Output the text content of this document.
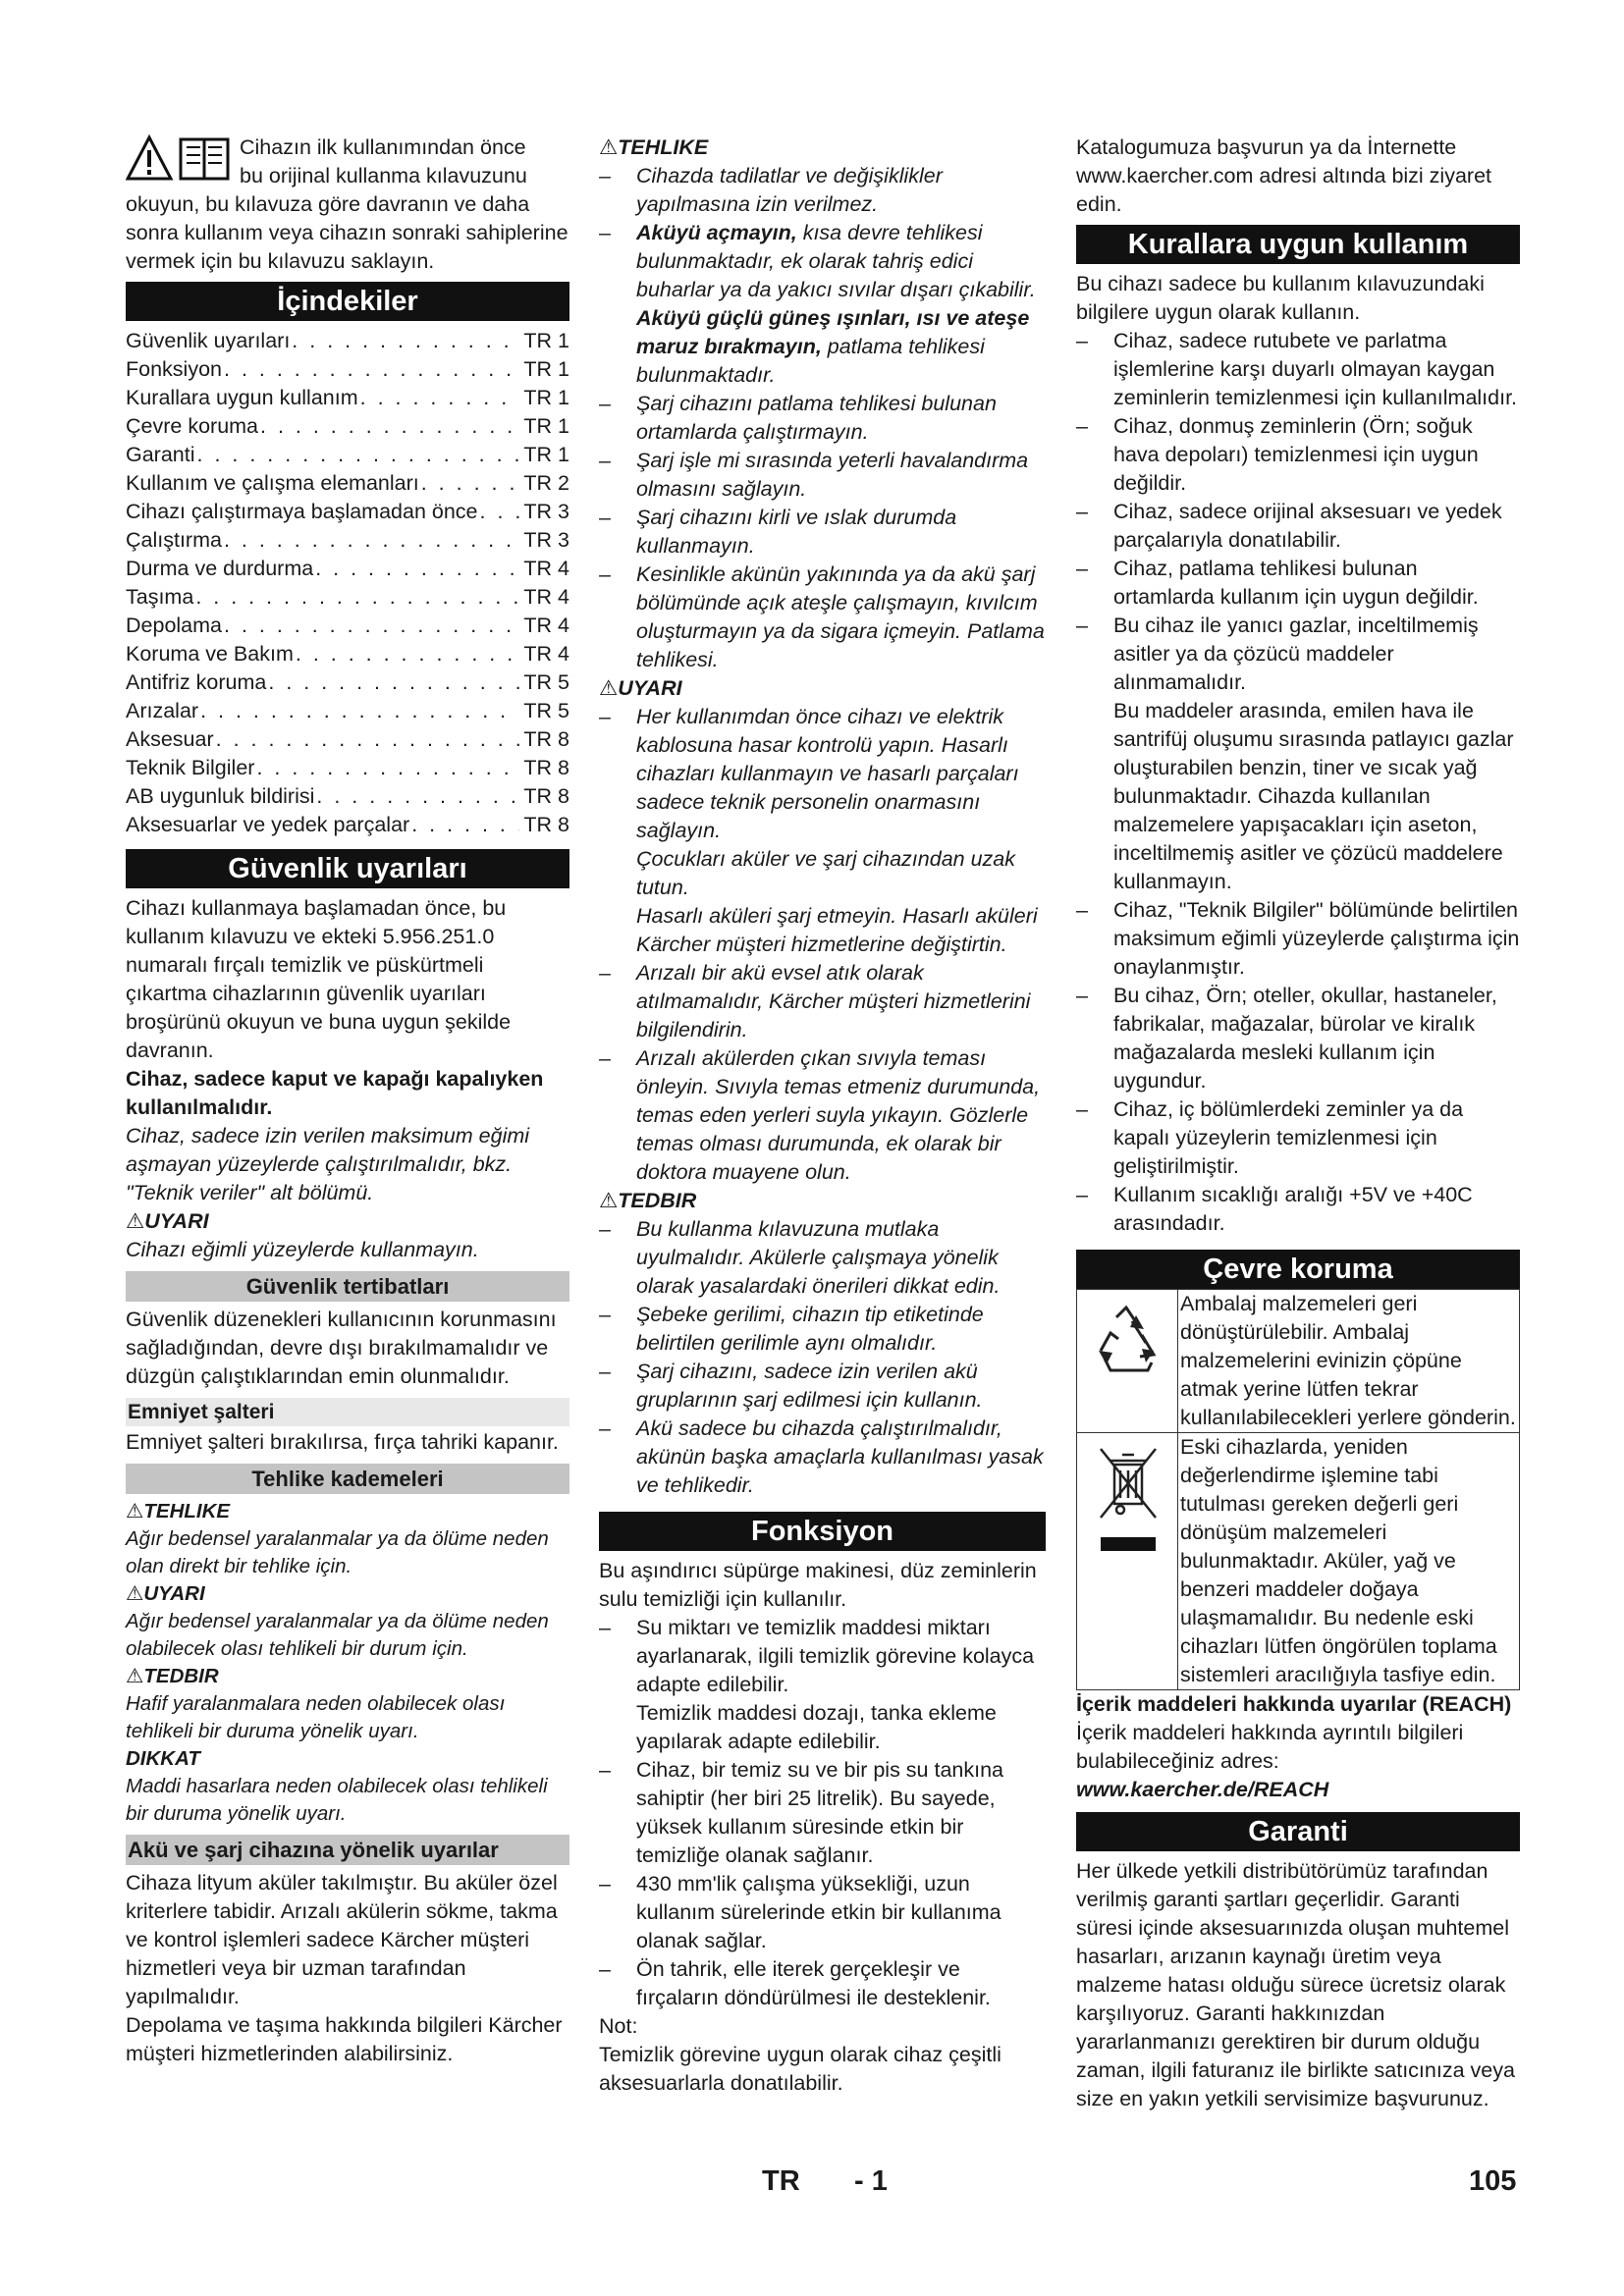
Cihazın ilk kullanımından önce

bu orijinal kullanma kılavuzunu

okuyun, bu kılavuza göre davranın ve daha sonra kullanım veya cihazın sonraki sahiplerine vermek için bu kılavuzu saklayın.

İçindekiler
Güvenlik uyarıları . . .	TR 1
Fonksiyon . . .	TR 1
Kurallara uygun kullanım . . .	TR 1
Çevre koruma . . .	TR 1
Garanti . . .	TR 1
Kullanım ve çalışma elemanları . . .	TR 2
Cihazı çalıştırmaya başlamadan önce . . . TR 3
Çalıştırma . . .	TR 3
Durma ve durdurma . . .	TR 4
Taşıma . . .	TR 4
Depolama . . .	TR 4
Koruma ve Bakım . . .	TR 4
Antifriz koruma . . .	TR 5
Arızalar . . .	TR 5
Aksesuar . . .	TR 8
Teknik Bilgiler . . .	TR 8
AB uygunluk bildirisi . . .	TR 8
Aksesuarlar ve yedek parçalar . . .	TR 8
Güvenlik uyarıları

Cihazı kullanmaya başlamadan önce, bu kullanım kılavuzu ve ekteki 5.956.251.0 numaralı fırçalı temizlik ve püskürtmeli çıkartma cihazlarının güvenlik uyarıları broşürünü okuyun ve buna uygun şekilde davranın.

Cihaz, sadece kaput ve kapağı kapalıyken kullanılmalıdır.

Cihaz, sadece izin verilen maksimum eğimi aşmayan yüzeylerde çalıştırılmalıdır, bkz. "Teknik veriler" alt bölümü.

⚠UYARI

Cihazı eğimli yüzeylerde kullanmayın.

Güvenlik tertibatları

Güvenlik düzenekleri kullanıcının korunmasını sağladığından, devre dışı bırakılmamalıdır ve düzgün çalıştıklarından emin olunmalıdır.

Emniyet şalteri

Emniyet şalteri bırakılırsa, fırça tahriki kapanır.

Tehlike kademeleri

⚠TEHLIKE

Ağır bedensel yaralanmalar ya da ölüme neden olan direkt bir tehlike için.

⚠UYARI

Ağır bedensel yaralanmalar ya da ölüme neden olabilecek olası tehlikeli bir durum için.

⚠TEDBIR

Hafif yaralanmalara neden olabilecek olası tehlikeli bir duruma yönelik uyarı.

DIKKAT

Maddi hasarlara neden olabilecek olası tehlikeli bir duruma yönelik uyarı.

Akü ve şarj cihazına yönelik uyarılar

Cihaza lityum aküler takılmıştır. Bu aküler özel kriterlere tabidir. Arızalı akülerin sökme, takma ve kontrol işlemleri sadece Kärcher müşteri hizmetleri veya bir uzman tarafından yapılmalıdır.

Depolama ve taşıma hakkında bilgileri Kärcher müşteri hizmetlerinden alabilirsiniz.

⚠TEHLIKE

– Cihazda tadilatlar ve değişiklikler yapılmasına izin verilmez.

– Aküyü açmayın, kısa devre tehlikesi bulunmaktadır, ek olarak tahriş edici buharlar ya da yakıcı sıvılar dışarı çıkabilir.

Aküyü güçlü güneş ışınları, ısı ve ateşe maruz bırakmayın, patlama tehlikesi bulunmaktadır.

– Şarj cihazını patlama tehlikesi bulunan ortamlarda çalıştırmayın.

– Şarj işle mi sırasında yeterli havalandırma olmasını sağlayın.

– Şarj cihazını kirli ve ıslak durumda kullanmayın.

– Kesinlikle akünün yakınında ya da akü şarj bölümünde açık ateşle çalışmayın, kıvılcım oluşturmayın ya da sigara içmeyin. Patlama tehlikesi.

⚠UYARI

– Her kullanımdan önce cihazı ve elektrik kablosuna hasar kontrolü yapın. Hasarlı cihazları kullanmayın ve hasarlı parçaları sadece teknik personelin onarmasını sağlayın.

Çocukları aküler ve şarj cihazından uzak tutun.

Hasarlı aküleri şarj etmeyin. Hasarlı aküleri Kärcher müşteri hizmetlerine değiştirtin.

– Arızalı bir akü evsel atık olarak atılmamalıdır, Kärcher müşteri hizmetlerini bilgilendirin.

– Arızalı akülerden çıkan sıvıyla teması önleyin. Sıvıyla temas etmeniz durumunda, temas eden yerleri suyla yıkayın. Gözlerle temas olması durumunda, ek olarak bir doktora muayene olun.

⚠TEDBIR

– Bu kullanma kılavuzuna mutlaka uyulmalıdır. Akülerle çalışmaya yönelik olarak yasalardaki önerileri dikkat edin.

– Şebeke gerilimi, cihazın tip etiketinde belirtilen gerilimle aynı olmalıdır.

– Şarj cihazını, sadece izin verilen akü gruplarının şarj edilmesi için kullanın.

– Akü sadece bu cihazda çalıştırılmalıdır, akünün başka amaçlarla kullanılması yasak ve tehlikedir.

Fonksiyon

Bu aşındırıcı süpürge makinesi, düz zeminlerin sulu temizliği için kullanılır.

– Su miktarı ve temizlik maddesi miktarı ayarlanarak, ilgili temizlik görevine kolayca adapte edilebilir.

Temizlik maddesi dozajı, tanka ekleme yapılarak adapte edilebilir.

– Cihaz, bir temiz su ve bir pis su tankına sahiptir (her biri 25 litrelik). Bu sayede, yüksek kullanım süresinde etkin bir temizliğe olanak sağlanır.

– 430 mm'lik çalışma yüksekliği, uzun kullanım sürelerinde etkin bir kullanıma olanak sağlar.

– Ön tahrik, elle iterek gerçekleşir ve fırçaların döndürülmesi ile desteklenir.

Not:

Temizlik görevine uygun olarak cihaz çeşitli aksesuarlarla donatılabilir.

Katalogumuza başvurun ya da İnternette www.kaercher.com adresi altında bizi ziyaret edin.

Kurallara uygun kullanım

Bu cihazı sadece bu kullanım kılavuzundaki bilgilere uygun olarak kullanın.

– Cihaz, sadece rutubete ve parlatma işlemlerine karşı duyarlı olmayan kaygan zeminlerin temizlenmesi için kullanılmalıdır.

– Cihaz, donmuş zeminlerin (Örn; soğuk hava depoları) temizlenmesi için uygun değildir.

– Cihaz, sadece orijinal aksesuarı ve yedek parçalarıyla donatılabilir.

– Cihaz, patlama tehlikesi bulunan ortamlarda kullanım için uygun değildir.

– Bu cihaz ile yanıcı gazlar, inceltilmemiş asitler ya da çözücü maddeler alınmamalıdır.

Bu maddeler arasında, emilen hava ile santrifüj oluşumu sırasında patlayıcı gazlar oluşturabilen benzin, tiner ve sıcak yağ bulunmaktadır. Cihazda kullanılan malzemelere yapışacakları için aseton, inceltilmemiş asitler ve çözücü maddelere kullanmayın.

– Cihaz, "Teknik Bilgiler" bölümünde belirtilen maksimum eğimli yüzeylerde çalıştırma için onaylanmıştır.

– Bu cihaz, Örn; oteller, okullar, hastaneler, fabrikalar, mağazalar, bürolar ve kiralık mağazalarda mesleki kullanım için uygundur.

– Cihaz, iç bölümlerdeki zeminler ya da kapalı yüzeylerin temizlenmesi için geliştirilmiştir.

– Kullanım sıcaklığı aralığı +5V ve +40C arasındadır.

Çevre koruma
	Ambalaj malzemeleri geri dönüştürülebilir. Ambalaj malzemelerini evinizin çöpüne atmak yerine lütfen tekrar kullanılabilecekleri yerlere gönderin.
	Eski cihazlarda, yeniden değerlendirme işlemine tabi tutulması gereken değerli geri dönüşüm malzemeleri bulunmaktadır. Aküler, yağ ve benzeri maddeler doğaya ulaşmamalıdır. Bu nedenle eski cihazları lütfen öngörülen toplama sistemleri aracılığıyla tasfiye edin.

İçerik maddeleri hakkında uyarılar (REACH)

İçerik maddeleri hakkında ayrıntılı bilgileri bulabileceğiniz adres:

www.kaercher.de/REACH

Garanti

Her ülkede yetkili distribütörümüz tarafından verilmiş garanti şartları geçerlidir. Garanti süresi içinde aksesuarınızda oluşan muhtemel hasarları, arızanın kaynağı üretim veya malzeme hatası olduğu sürece ücretsiz olarak karşılıyoruz. Garanti hakkınızdan yararlanmanızı gerektiren bir durum olduğu zaman, ilgili faturanız ile birlikte satıcınıza veya size en yakın yetkili servisimize başvurunuz.

TR - 1	105
